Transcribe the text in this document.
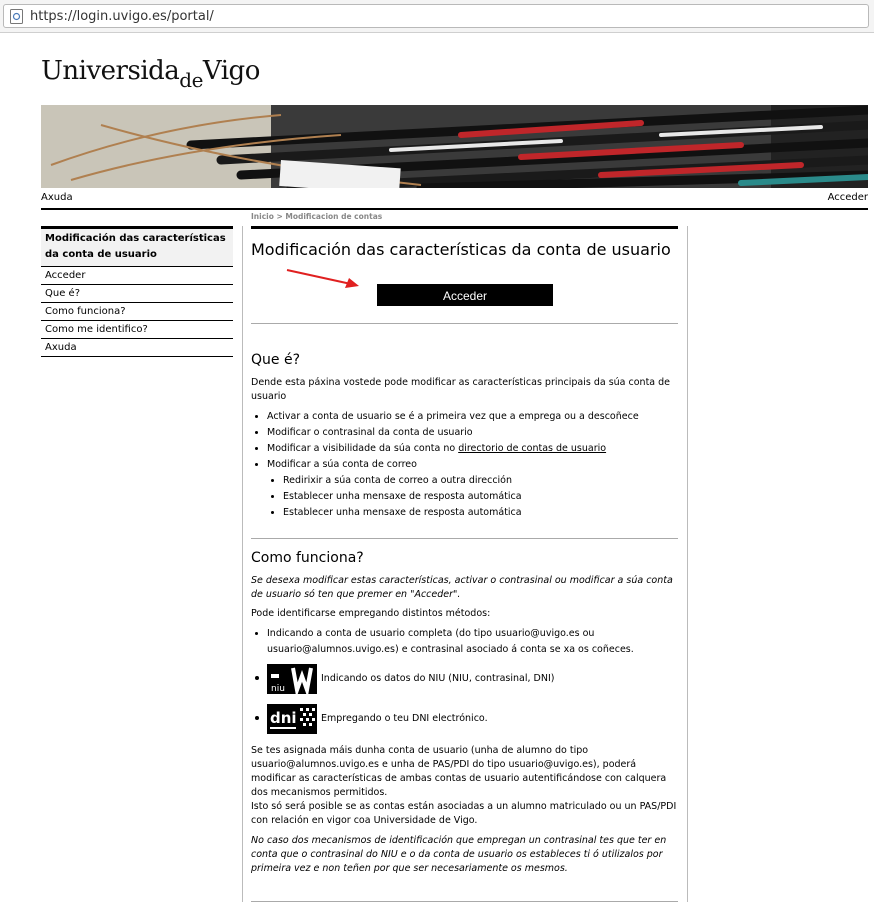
https://login.uvigo.es/portal/
Universida$_{de}$Vigo
Axuda	Acceder
Inicio > Modificacion de contas
Modificación das características da conta de usuario
Acceder
Que é?
Como funciona?
Como me identifico?
Axuda
Modificación das características da conta de usuario
Acceder
Que é?

Dende esta páxina vostede pode modificar as características principais da súa conta de usuario

• Activar a conta de usuario se é a primeira vez que a emprega ou a descoñece
• Modificar o contrasinal da conta de usuario
• Modificar a visibilidade da súa conta no directorio de contas de usuario
• Modificar a súa conta de correo
• Redirixir a súa conta de correo a outra dirección
• Establecer unha mensaxe de resposta automática
• Establecer unha mensaxe de resposta automática
Como funciona?

Se desexa modificar estas características, activar o contrasinal ou modificar a súa conta de usuario só ten que premer en "Acceder".

Pode identificarse empregando distintos métodos:

• Indicando a conta de usuario completa (do tipo usuario@uvigo.es ou usuario@alumnos.uvigo.es) e contrasinal asociado á conta se xa os coñeces.
niu
Indicando os datos do NIU (NIU, contrasinal, DNI)
dni	Empregando o teu DNI electrónico.

Se tes asignada máis dunha conta de usuario (unha de alumno do tipo usuario@alumnos.uvigo.es e unha de PAS/PDI do tipo usuario@uvigo.es), poderá modificar as características de ambas contas de usuario autentificándose con calquera dos mecanismos permitidos.

Isto só será posible se as contas están asociadas a un alumno matriculado ou un PAS/PDI con relación en vigor coa Universidade de Vigo.

No caso dos mecanismos de identificación que empregan un contrasinal tes que ter en conta que o contrasinal do NIU e o da conta de usuario os estableces ti ó utilizalos por primeira vez e non teñen por que ser necesariamente os mesmos.
